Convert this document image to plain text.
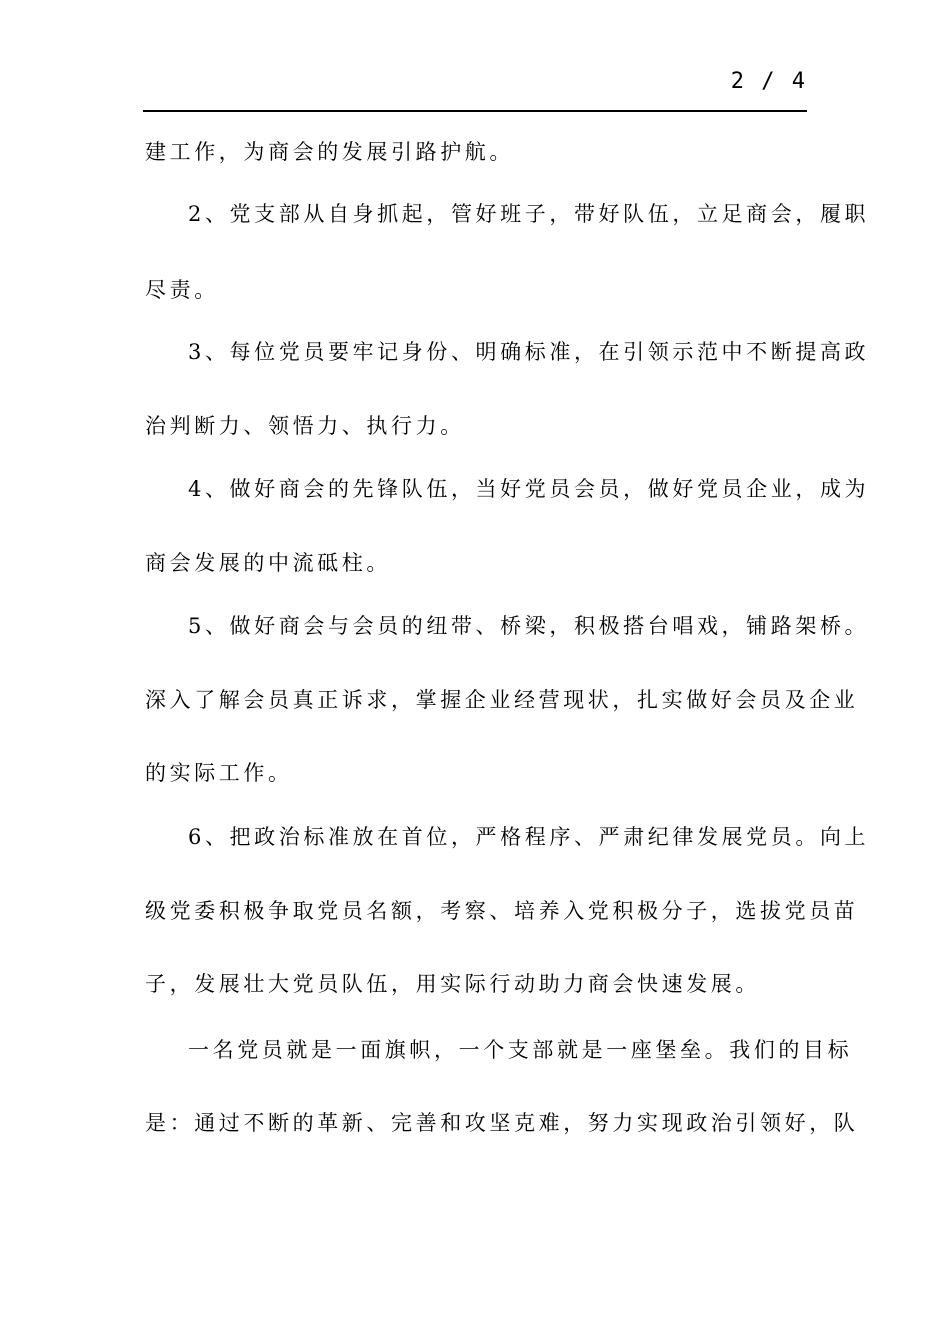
2 / 4
建工作，为商会的发展引路护航。
2、党支部从自身抓起，管好班子，带好队伍，立足商会，履职
尽责。
3、每位党员要牢记身份、明确标准，在引领示范中不断提高政
治判断力、领悟力、执行力。
4、做好商会的先锋队伍，当好党员会员，做好党员企业，成为
商会发展的中流砥柱。
5、做好商会与会员的纽带、桥梁，积极搭台唱戏，铺路架桥。
深入了解会员真正诉求，掌握企业经营现状，扎实做好会员及企业
的实际工作。
6、把政治标准放在首位，严格程序、严肃纪律发展党员。向上
级党委积极争取党员名额，考察、培养入党积极分子，选拔党员苗
子，发展壮大党员队伍，用实际行动助力商会快速发展。
一名党员就是一面旗帜，一个支部就是一座堡垒。我们的目标
是：通过不断的革新、完善和攻坚克难，努力实现政治引领好，队
